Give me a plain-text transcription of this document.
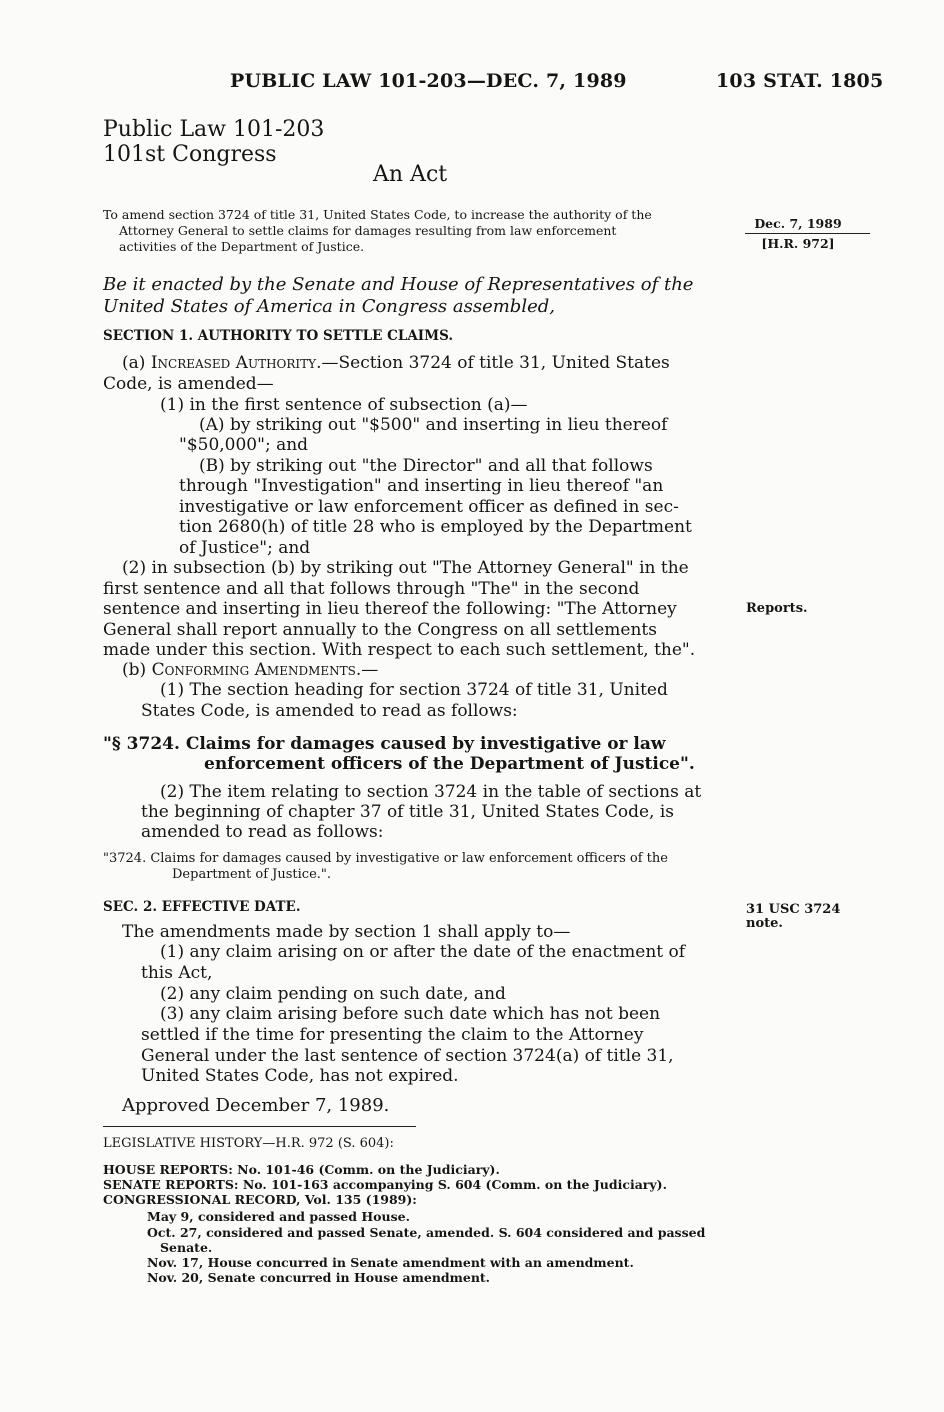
PUBLIC LAW 101-203—DEC. 7, 1989	103 STAT. 1805
Public Law 101-203
101st Congress
An Act
To amend section 3724 of title 31, United States Code, to increase the authority of the
Attorney General to settle claims for damages resulting from law enforcement
activities of the Department of Justice.
Dec. 7, 1989
[H.R. 972]
Be it enacted by the Senate and House of Representatives of the
United States of America in Congress assembled,
SECTION 1. AUTHORITY TO SETTLE CLAIMS.
(a) Increased Authority.—Section 3724 of title 31, United States
Code, is amended—
(1) in the first sentence of subsection (a)—
(A) by striking out "$500" and inserting in lieu thereof
"$50,000"; and
(B) by striking out "the Director" and all that follows
through "Investigation" and inserting in lieu thereof "an
investigative or law enforcement officer as defined in sec-
tion 2680(h) of title 28 who is employed by the Department
of Justice"; and
(2) in subsection (b) by striking out "The Attorney General" in the
first sentence and all that follows through "The" in the second
sentence and inserting in lieu thereof the following: "The Attorney
General shall report annually to the Congress on all settlements
made under this section. With respect to each such settlement, the".
Reports.
(b) Conforming Amendments.—
(1) The section heading for section 3724 of title 31, United
States Code, is amended to read as follows:
"§ 3724. Claims for damages caused by investigative or law
enforcement officers of the Department of Justice".
(2) The item relating to section 3724 in the table of sections at
the beginning of chapter 37 of title 31, United States Code, is
amended to read as follows:
"3724. Claims for damages caused by investigative or law enforcement officers of the
Department of Justice.".
SEC. 2. EFFECTIVE DATE.	31 USC 3724
note.
The amendments made by section 1 shall apply to—
(1) any claim arising on or after the date of the enactment of
this Act,
(2) any claim pending on such date, and
(3) any claim arising before such date which has not been
settled if the time for presenting the claim to the Attorney
General under the last sentence of section 3724(a) of title 31,
United States Code, has not expired.
Approved December 7, 1989.
LEGISLATIVE HISTORY—H.R. 972 (S. 604):
HOUSE REPORTS: No. 101-46 (Comm. on the Judiciary).
SENATE REPORTS: No. 101-163 accompanying S. 604 (Comm. on the Judiciary).
CONGRESSIONAL RECORD, Vol. 135 (1989):
May 9, considered and passed House.
Oct. 27, considered and passed Senate, amended. S. 604 considered and passed
Senate.
Nov. 17, House concurred in Senate amendment with an amendment.
Nov. 20, Senate concurred in House amendment.
